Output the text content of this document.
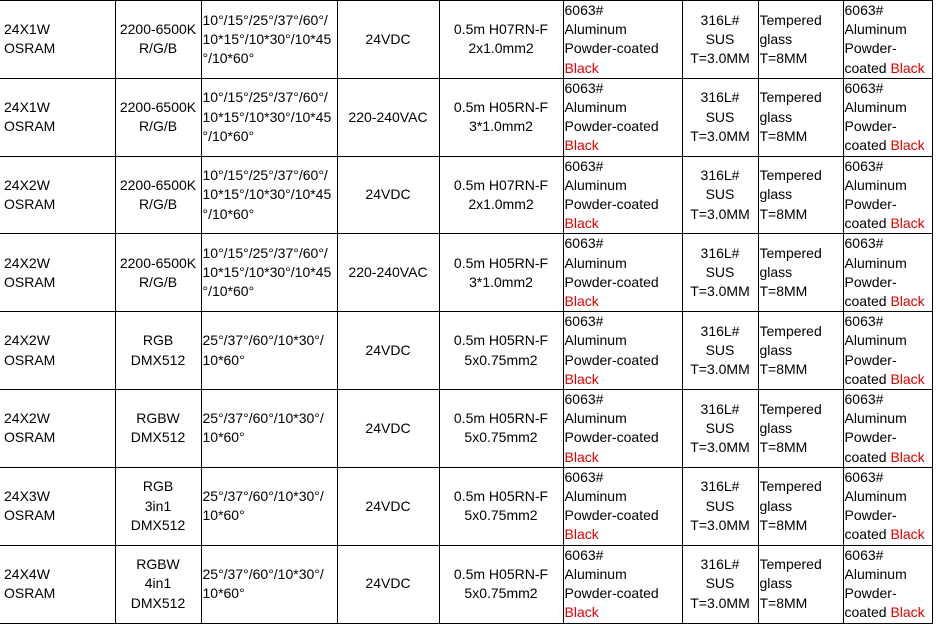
24X1W
OSRAM	2200-6500K
R/G/B	10°/15°/25°/37°/60°/
10*15°/10*30°/10*45
°/10*60°	24VDC	0.5m H07RN-F
2x1.0mm2	6063#
Aluminum
Powder-coated
Black	316L#
SUS
T=3.0MM	Tempered
glass
T=8MM	6063#
Aluminum
Powder-
coated Black

24X1W
OSRAM	2200-6500K
R/G/B	10°/15°/25°/37°/60°/
10*15°/10*30°/10*45
°/10*60°	220-240VAC	0.5m H05RN-F
3*1.0mm2	6063#
Aluminum
Powder-coated
Black	316L#
SUS
T=3.0MM	Tempered
glass
T=8MM	6063#
Aluminum
Powder-
coated Black

24X2W
OSRAM	2200-6500K
R/G/B	10°/15°/25°/37°/60°/
10*15°/10*30°/10*45
°/10*60°	24VDC	0.5m H07RN-F
2x1.0mm2	6063#
Aluminum
Powder-coated
Black	316L#
SUS
T=3.0MM	Tempered
glass
T=8MM	6063#
Aluminum
Powder-
coated Black

24X2W
OSRAM	2200-6500K
R/G/B	10°/15°/25°/37°/60°/
10*15°/10*30°/10*45
°/10*60°	220-240VAC	0.5m H05RN-F
3*1.0mm2	6063#
Aluminum
Powder-coated
Black	316L#
SUS
T=3.0MM	Tempered
glass
T=8MM	6063#
Aluminum
Powder-
coated Black

24X2W
OSRAM	RGB
DMX512	25°/37°/60°/10*30°/
10*60°	24VDC	0.5m H05RN-F
5x0.75mm2	6063#
Aluminum
Powder-coated
Black	316L#
SUS
T=3.0MM	Tempered
glass
T=8MM	6063#
Aluminum
Powder-
coated Black

24X2W
OSRAM	RGBW
DMX512	25°/37°/60°/10*30°/
10*60°	24VDC	0.5m H05RN-F
5x0.75mm2	6063#
Aluminum
Powder-coated
Black	316L#
SUS
T=3.0MM	Tempered
glass
T=8MM	6063#
Aluminum
Powder-
coated Black

24X3W
OSRAM	RGB
3in1
DMX512	25°/37°/60°/10*30°/
10*60°	24VDC	0.5m H05RN-F
5x0.75mm2	6063#
Aluminum
Powder-coated
Black	316L#
SUS
T=3.0MM	Tempered
glass
T=8MM	6063#
Aluminum
Powder-
coated Black

24X4W
OSRAM	RGBW
4in1
DMX512	25°/37°/60°/10*30°/
10*60°	24VDC	0.5m H05RN-F
5x0.75mm2	6063#
Aluminum
Powder-coated
Black	316L#
SUS
T=3.0MM	Tempered
glass
T=8MM	6063#
Aluminum
Powder-
coated Black
